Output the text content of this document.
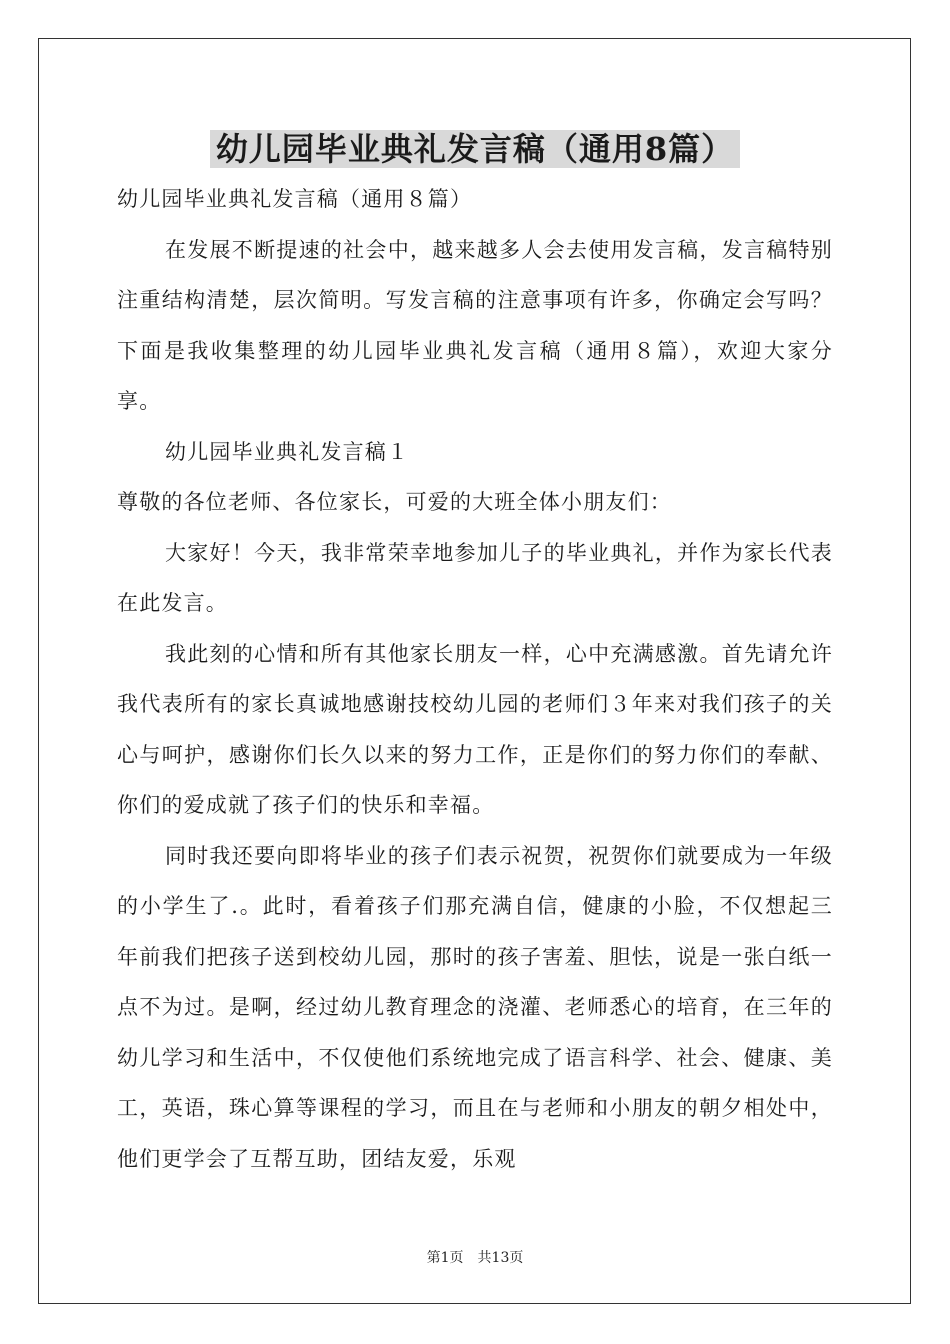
幼儿园毕业典礼发言稿（通用8篇）

幼儿园毕业典礼发言稿（通用８篇）

在发展不断提速的社会中，越来越多人会去使用发言稿，发言稿特别注重结构清楚，层次简明。写发言稿的注意事项有许多，你确定会写吗？下面是我收集整理的幼儿园毕业典礼发言稿（通用８篇），欢迎大家分享。

幼儿园毕业典礼发言稿１

尊敬的各位老师、各位家长，可爱的大班全体小朋友们：

大家好！今天，我非常荣幸地参加儿子的毕业典礼，并作为家长代表在此发言。

我此刻的心情和所有其他家长朋友一样，心中充满感激。首先请允许我代表所有的家长真诚地感谢技校幼儿园的老师们３年来对我们孩子的关心与呵护，感谢你们长久以来的努力工作，正是你们的努力你们的奉献、你们的爱成就了孩子们的快乐和幸福。

同时我还要向即将毕业的孩子们表示祝贺，祝贺你们就要成为一年级的小学生了.。此时，看着孩子们那充满自信，健康的小脸，不仅想起三年前我们把孩子送到校幼儿园，那时的孩子害羞、胆怯，说是一张白纸一点不为过。是啊，经过幼儿教育理念的浇灌、老师悉心的培育，在三年的幼儿学习和生活中，不仅使他们系统地完成了语言科学、社会、健康、美工，英语，珠心算等课程的学习，而且在与老师和小朋友的朝夕相处中，他们更学会了互帮互助，团结友爱，乐观

第1页　共13页
